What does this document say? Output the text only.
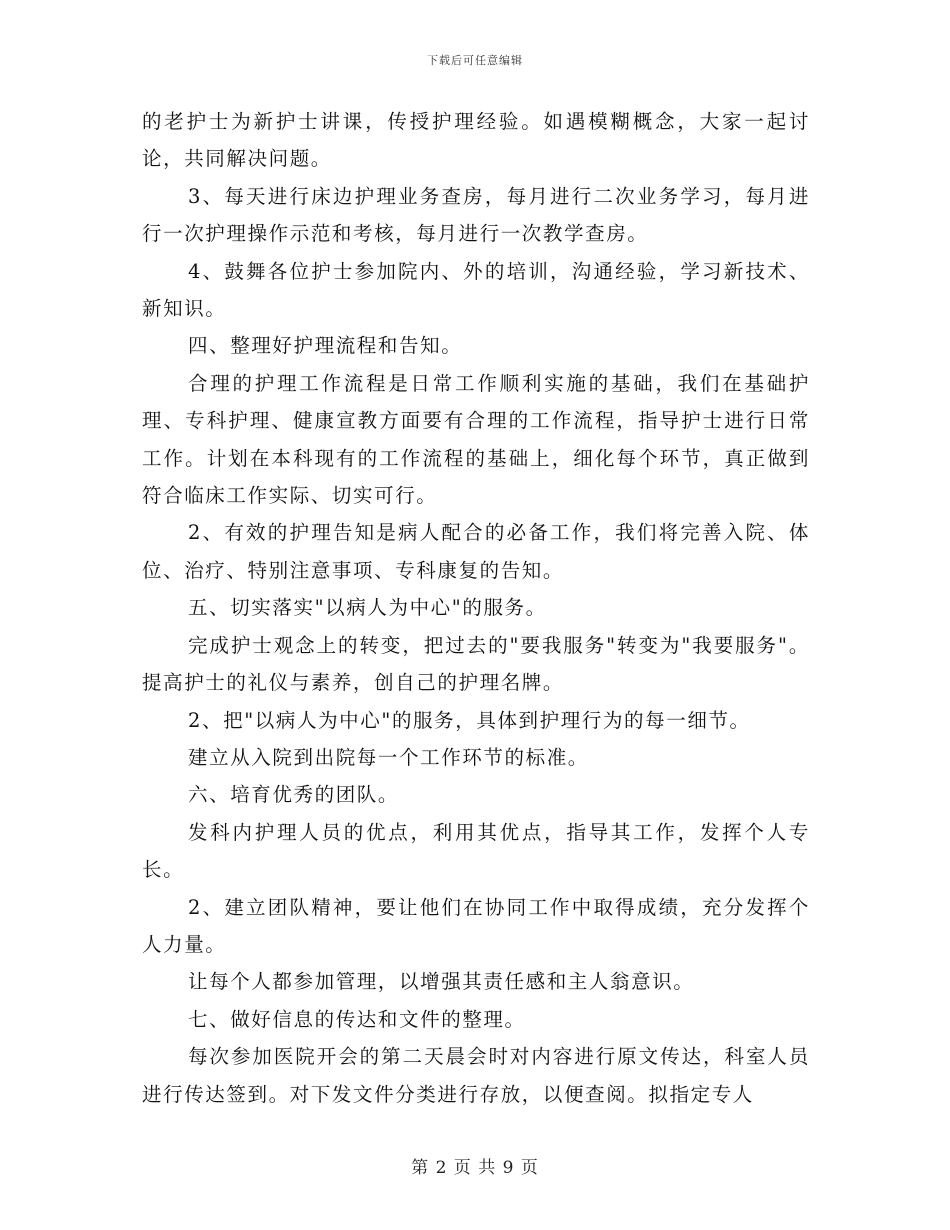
下载后可任意编辑

的老护士为新护士讲课，传授护理经验。如遇模糊概念，大家一起讨论，共同解决问题。

3、每天进行床边护理业务查房，每月进行二次业务学习，每月进行一次护理操作示范和考核，每月进行一次教学查房。

4、鼓舞各位护士参加院内、外的培训，沟通经验，学习新技术、新知识。

四、整理好护理流程和告知。

合理的护理工作流程是日常工作顺利实施的基础，我们在基础护理、专科护理、健康宣教方面要有合理的工作流程，指导护士进行日常工作。计划在本科现有的工作流程的基础上，细化每个环节，真正做到符合临床工作实际、切实可行。

2、有效的护理告知是病人配合的必备工作，我们将完善入院、体位、治疗、特别注意事项、专科康复的告知。

五、切实落实"以病人为中心"的服务。

完成护士观念上的转变，把过去的"要我服务"转变为"我要服务"。提高护士的礼仪与素养，创自己的护理名牌。

2、把"以病人为中心"的服务，具体到护理行为的每一细节。

建立从入院到出院每一个工作环节的标准。

六、培育优秀的团队。

发科内护理人员的优点，利用其优点，指导其工作，发挥个人专长。

2、建立团队精神，要让他们在协同工作中取得成绩，充分发挥个人力量。

让每个人都参加管理，以增强其责任感和主人翁意识。

七、做好信息的传达和文件的整理。

每次参加医院开会的第二天晨会时对内容进行原文传达，科室人员进行传达签到。对下发文件分类进行存放，以便查阅。拟指定专人

第 2 页 共 9 页
